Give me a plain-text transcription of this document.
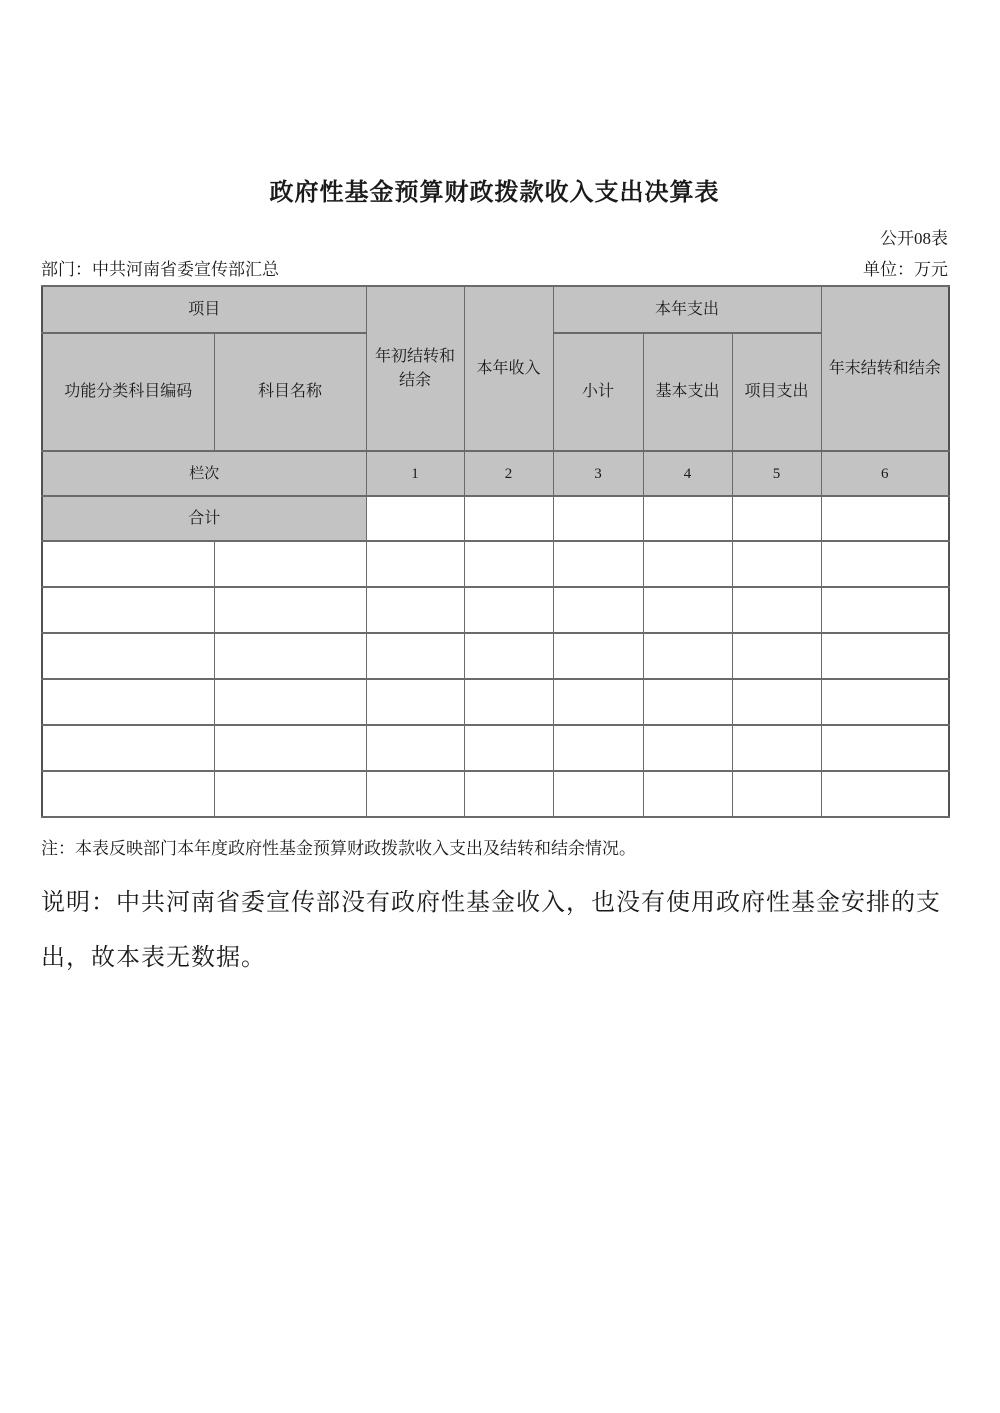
政府性基金预算财政拨款收入支出决算表
公开08表
部门：中共河南省委宣传部汇总	单位：万元
项目		年初结转和结余	本年收入	本年支出			年末结转和结余
功能分类科目编码	科目名称			小计	基本支出	项目支出	
栏次		1	2	3	4	5	6
合计							

注：本表反映部门本年度政府性基金预算财政拨款收入支出及结转和结余情况。

说明：中共河南省委宣传部没有政府性基金收入，也没有使用政府性基金安排的支
出，故本表无数据。
